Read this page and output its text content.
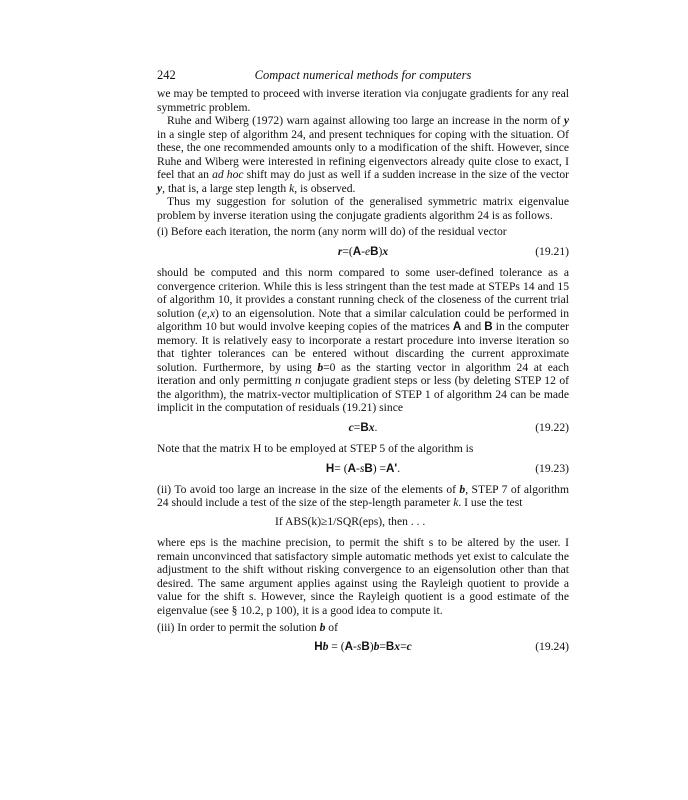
242	Compact numerical methods for computers

we may be tempted to proceed with inverse iteration via conjugate gradients for any real symmetric problem.

Ruhe and Wiberg (1972) warn against allowing too large an increase in the norm of y in a single step of algorithm 24, and present techniques for coping with the situation. Of these, the one recommended amounts only to a modification of the shift. However, since Ruhe and Wiberg were interested in refining eigenvectors already quite close to exact, I feel that an ad hoc shift may do just as well if a sudden increase in the size of the vector y, that is, a large step length k, is observed.

Thus my suggestion for solution of the generalised symmetric matrix eigenvalue problem by inverse iteration using the conjugate gradients algorithm 24 is as follows.

(i) Before each iteration, the norm (any norm will do) of the residual vector

r=(A-eB)x	(19.21)

should be computed and this norm compared to some user-defined tolerance as a convergence criterion. While this is less stringent than the test made at STEPs 14 and 15 of algorithm 10, it provides a constant running check of the closeness of the current trial solution (e,x) to an eigensolution. Note that a similar calculation could be performed in algorithm 10 but would involve keeping copies of the matrices A and B in the computer memory. It is relatively easy to incorporate a restart procedure into inverse iteration so that tighter tolerances can be entered without discarding the current approximate solution. Furthermore, by using b=0 as the starting vector in algorithm 24 at each iteration and only permitting n conjugate gradient steps or less (by deleting STEP 12 of the algorithm), the matrix-vector multiplication of STEP 1 of algorithm 24 can be made implicit in the computation of residuals (19.21) since

c=Bx.	(19.22)

Note that the matrix H to be employed at STEP 5 of the algorithm is

H= (A-sB) =A'.	(19.23)

(ii) To avoid too large an increase in the size of the elements of b, STEP 7 of algorithm 24 should include a test of the size of the step-length parameter k. I use the test

If ABS(k)≥1/SQR(eps), then . . .

where eps is the machine precision, to permit the shift s to be altered by the user. I remain unconvinced that satisfactory simple automatic methods yet exist to calculate the adjustment to the shift without risking convergence to an eigensolution other than that desired. The same argument applies against using the Rayleigh quotient to provide a value for the shift s. However, since the Rayleigh quotient is a good estimate of the eigenvalue (see § 10.2, p 100), it is a good idea to compute it.

(iii) In order to permit the solution b of

Hb = (A-sB)b=Bx=c	(19.24)
